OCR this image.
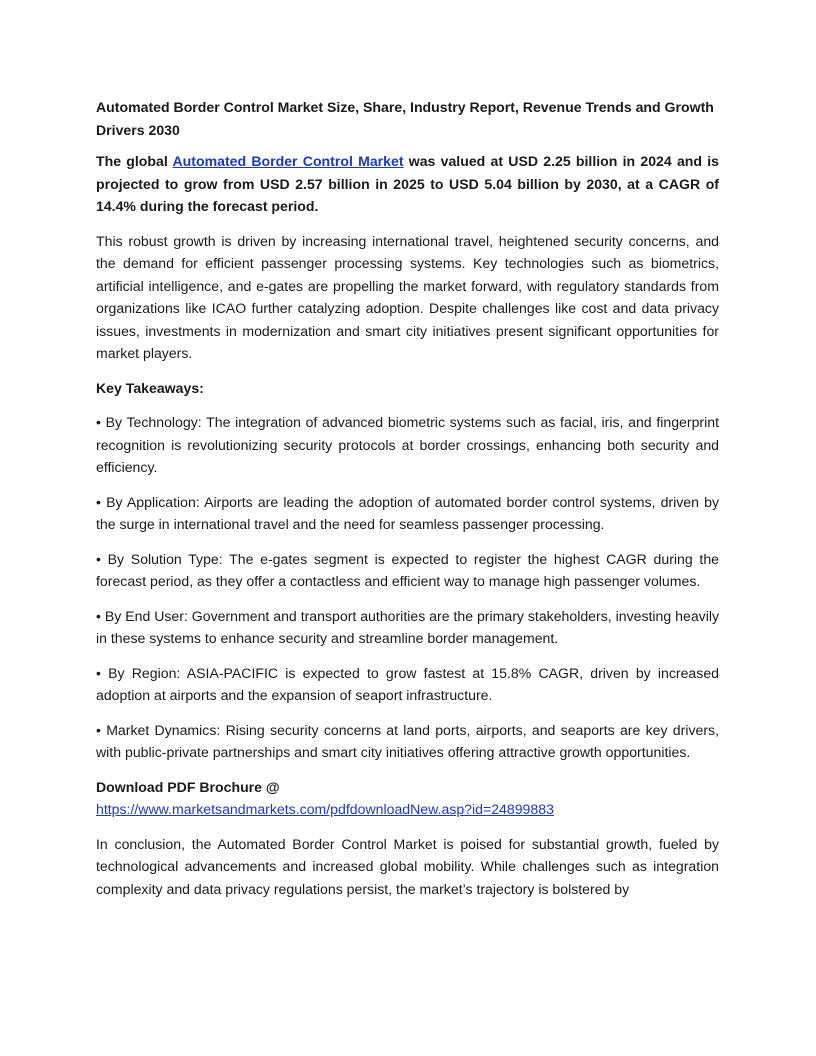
Automated Border Control Market Size, Share, Industry Report, Revenue Trends and Growth Drivers 2030

The global Automated Border Control Market was valued at USD 2.25 billion in 2024 and is projected to grow from USD 2.57 billion in 2025 to USD 5.04 billion by 2030, at a CAGR of 14.4% during the forecast period.

This robust growth is driven by increasing international travel, heightened security concerns, and the demand for efficient passenger processing systems. Key technologies such as biometrics, artificial intelligence, and e-gates are propelling the market forward, with regulatory standards from organizations like ICAO further catalyzing adoption. Despite challenges like cost and data privacy issues, investments in modernization and smart city initiatives present significant opportunities for market players.

Key Takeaways:

• By Technology: The integration of advanced biometric systems such as facial, iris, and fingerprint recognition is revolutionizing security protocols at border crossings, enhancing both security and efficiency.

• By Application: Airports are leading the adoption of automated border control systems, driven by the surge in international travel and the need for seamless passenger processing.

• By Solution Type: The e-gates segment is expected to register the highest CAGR during the forecast period, as they offer a contactless and efficient way to manage high passenger volumes.

• By End User: Government and transport authorities are the primary stakeholders, investing heavily in these systems to enhance security and streamline border management.

• By Region: ASIA-PACIFIC is expected to grow fastest at 15.8% CAGR, driven by increased adoption at airports and the expansion of seaport infrastructure.

• Market Dynamics: Rising security concerns at land ports, airports, and seaports are key drivers, with public-private partnerships and smart city initiatives offering attractive growth opportunities.

Download PDF Brochure @
https://www.marketsandmarkets.com/pdfdownloadNew.asp?id=24899883

In conclusion, the Automated Border Control Market is poised for substantial growth, fueled by technological advancements and increased global mobility. While challenges such as integration complexity and data privacy regulations persist, the market’s trajectory is bolstered by
